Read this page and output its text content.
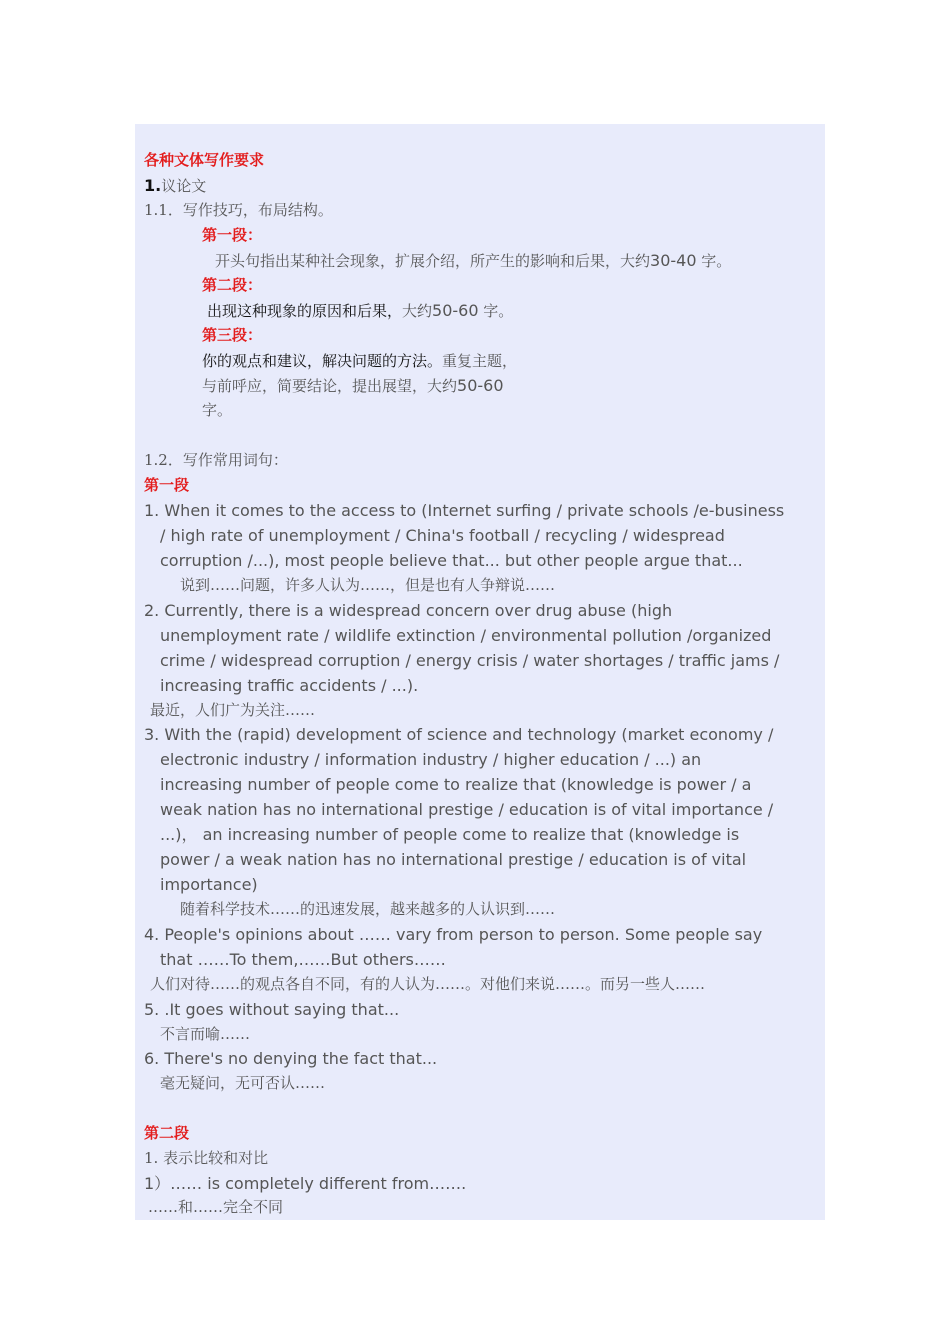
各种文体写作要求
1.议论文
1.1．写作技巧，布局结构。
第一段：
开头句指出某种社会现象，扩展介绍，所产生的影响和后果，大约30-40 字。
第二段：
出现这种现象的原因和后果，大约50-60 字。
第三段：
你的观点和建议，解决问题的方法。重复主题，
与前呼应，简要结论，提出展望，大约50-60
字。
1.2．写作常用词句：
第一段
1. When it comes to the access to (Internet surfing / private schools /e-business
/ high rate of unemployment / China's football / recycling / widespread
corruption /...), most people believe that... but other people argue that...
说到……问题，许多人认为……，但是也有人争辩说……
2. Currently, there is a widespread concern over drug abuse (high
unemployment rate / wildlife extinction / environmental pollution /organized
crime / widespread corruption / energy crisis / water shortages / traffic jams /
increasing traffic accidents / ...).
最近，人们广为关注……
3. With the (rapid) development of science and technology (market economy /
electronic industry / information industry / higher education / ...) an
increasing number of people come to realize that (knowledge is power / a
weak nation has no international prestige / education is of vital importance /
...)， an increasing number of people come to realize that (knowledge is
power / a weak nation has no international prestige / education is of vital
importance)
随着科学技术……的迅速发展，越来越多的人认识到……
4. People's opinions about …… vary from person to person. Some people say
that ……To them,……But others……
人们对待……的观点各自不同，有的人认为……。对他们来说……。而另一些人……
5. .It goes without saying that...
不言而喻……
6. There's no denying the fact that...
毫无疑问，无可否认……
第二段
1. 表示比较和对比
1）…… is completely different from…….
……和……完全不同
